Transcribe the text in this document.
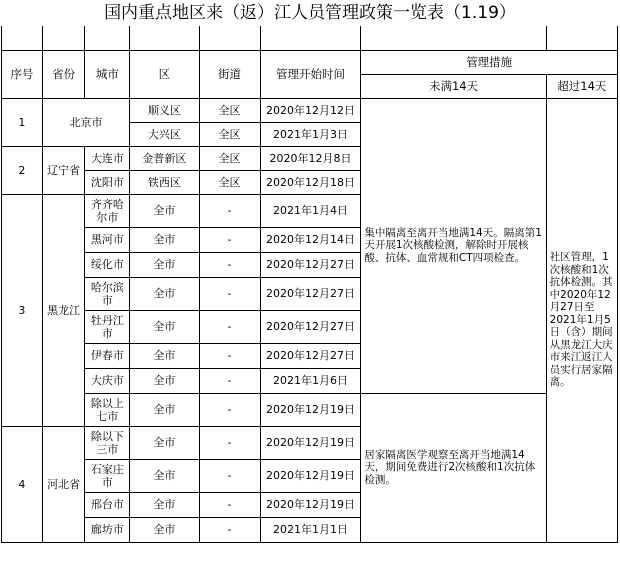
国内重点地区来（返）江人员管理政策一览表（1.19）

序号	省份	城市	区	街道	管理开始时间	管理措施	
						未满14天	超过14天
1	北京市		顺义区	全区	2020年12月12日	集中隔离至离开当地满14天。隔离第1天开展1次核酸检测，解除时开展核酸、抗体、血常规和CT四项检查。	社区管理，1次核酸和1次抗体检测。其中2020年12月27日至2021年1月5日（含）期间从黑龙江大庆市来江返江人员实行居家隔离。
			大兴区	全区	2021年1月3日		
2	辽宁省	大连市	金普新区	全区	2020年12月8日		
		沈阳市	铁西区	全区	2020年12月18日		
3	黑龙江	齐齐哈尔市	全市	-	2021年1月4日		
		黑河市	全市	-	2020年12月14日		
		绥化市	全市	-	2020年12月27日		
		哈尔滨市	全市	-	2020年12月27日		
		牡丹江市	全市	-	2020年12月27日		
		伊春市	全市	-	2020年12月27日		
		大庆市	全市	-	2021年1月6日		
		除以上七市	全市	-	2020年12月19日	居家隔离医学观察至离开当地满14天，期间免费进行2次核酸和1次抗体检测。	
4	河北省	除以下三市	全市	-	2020年12月19日		
		石家庄市	全市	-	2020年12月19日		
		邢台市	全市	-	2020年12月19日		
		廊坊市	全市	-	2021年1月1日		
